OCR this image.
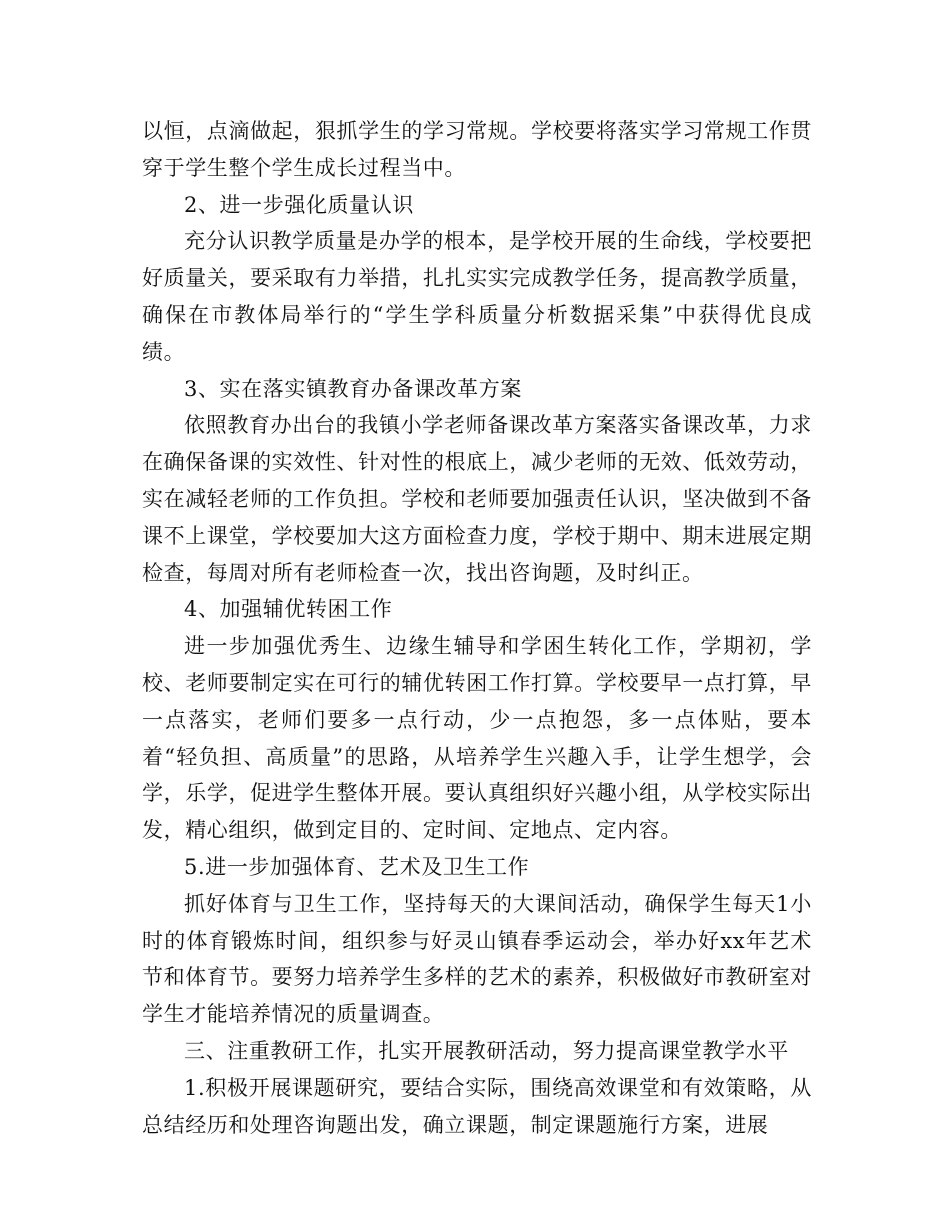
以恒，点滴做起，狠抓学生的学习常规。学校要将落实学习常规工作贯穿于学生整个学生成长过程当中。

2、进一步强化质量认识

充分认识教学质量是办学的根本，是学校开展的生命线，学校要把好质量关，要采取有力举措，扎扎实实完成教学任务，提高教学质量，确保在市教体局举行的“学生学科质量分析数据采集”中获得优良成绩。

3、实在落实镇教育办备课改革方案

依照教育办出台的我镇小学老师备课改革方案落实备课改革，力求在确保备课的实效性、针对性的根底上，减少老师的无效、低效劳动，实在减轻老师的工作负担。学校和老师要加强责任认识，坚决做到不备课不上课堂，学校要加大这方面检查力度，学校于期中、期末进展定期检查，每周对所有老师检查一次，找出咨询题，及时纠正。

4、加强辅优转困工作

进一步加强优秀生、边缘生辅导和学困生转化工作，学期初，学校、老师要制定实在可行的辅优转困工作打算。学校要早一点打算，早一点落实，老师们要多一点行动，少一点抱怨，多一点体贴，要本着“轻负担、高质量”的思路，从培养学生兴趣入手，让学生想学，会学，乐学，促进学生整体开展。要认真组织好兴趣小组，从学校实际出发，精心组织，做到定目的、定时间、定地点、定内容。

5.进一步加强体育、艺术及卫生工作

抓好体育与卫生工作，坚持每天的大课间活动，确保学生每天1小时的体育锻炼时间，组织参与好灵山镇春季运动会，举办好xx年艺术节和体育节。要努力培养学生多样的艺术的素养，积极做好市教研室对学生才能培养情况的质量调查。

三、注重教研工作，扎实开展教研活动，努力提高课堂教学水平

1.积极开展课题研究，要结合实际，围绕高效课堂和有效策略，从总结经历和处理咨询题出发，确立课题，制定课题施行方案，进展
